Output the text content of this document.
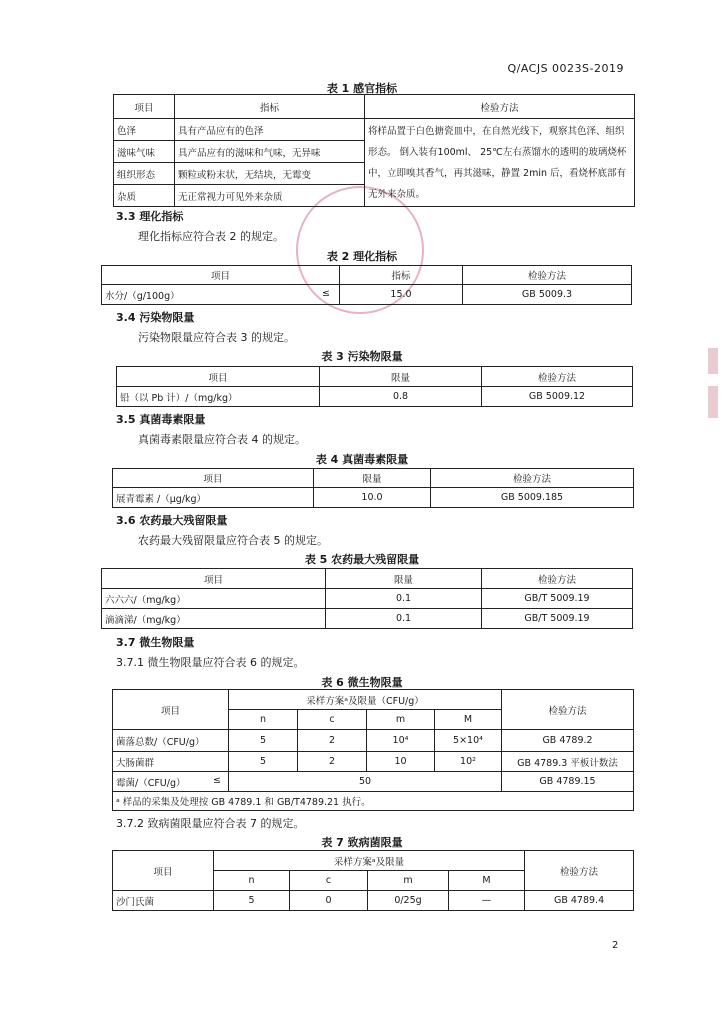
Q/ACJS 0023S-2019
表 1 感官指标
项目	指标	检验方法
色泽	具有产品应有的色泽	将样品置于白色搪瓷皿中，在自然光线下，观察其色泽、组织形态。 倒入装有100ml、 25℃左右蒸馏水的透明的玻璃烧杯中，立即嗅其香气，再其滋味，静置 2min 后，看烧杯底部有无外来杂质。
滋味气味	具产品应有的滋味和气味，无异味	
组织形态	颗粒或粉末状，无结块，无霉变	
杂质	无正常视力可见外来杂质	
3.3 理化指标
理化指标应符合表 2 的规定。
表 2 理化指标
项目	指标	检验方法
水分/（g/100g） ≤	15.0	GB 5009.3
3.4 污染物限量
污染物限量应符合表 3 的规定。
表 3 污染物限量
项目	限量	检验方法
铅（以 Pb 计）/（mg/kg）	0.8	GB 5009.12
3.5 真菌毒素限量
真菌毒素限量应符合表 4 的规定。
表 4 真菌毒素限量
项目	限量	检验方法
展青霉素 /（μg/kg）	10.0	GB 5009.185
3.6 农药最大残留限量
农药最大残留限量应符合表 5 的规定。
表 5 农药最大残留限量
项目	限量	检验方法
六六六/（mg/kg）	0.1	GB/T 5009.19
滴滴涕/（mg/kg）	0.1	GB/T 5009.19
3.7 微生物限量
3.7.1 微生物限量应符合表 6 的规定。
表 6 微生物限量
项目	采样方案ᵃ及限量（CFU/g）				检验方法
	n	c	m	M	
菌落总数/（CFU/g）	5	2	10⁴	5×10⁴	GB 4789.2
大肠菌群	5	2	10	10²	GB 4789.3 平板计数法
霉菌/（CFU/g） ≤	50				GB 4789.15
ᵃ 样品的采集及处理按 GB 4789.1 和 GB/T4789.21 执行。					
3.7.2 致病菌限量应符合表 7 的规定。
表 7 致病菌限量
项目	采样方案ᵃ及限量				检验方法
	n	c	m	M	
沙门氏菌	5	0	0/25g	—	GB 4789.4
2
